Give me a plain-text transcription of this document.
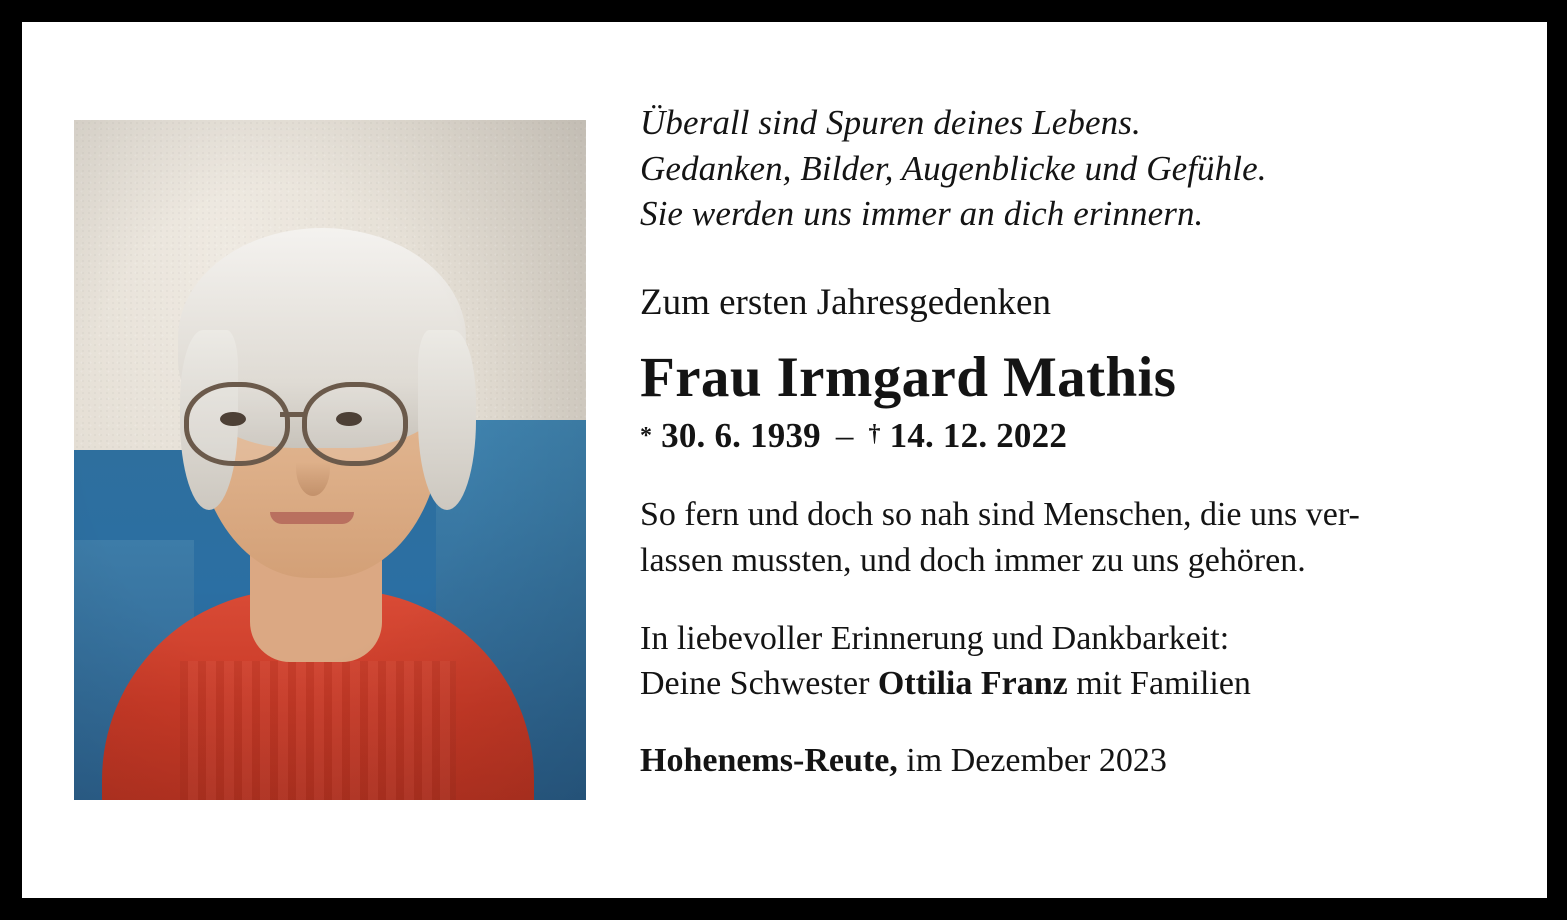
Überall sind Spuren deines Lebens.
Gedanken, Bilder, Augenblicke und Gefühle.
Sie werden uns immer an dich erinnern.
Zum ersten Jahresgedenken
Frau Irmgard Mathis
* 30. 6. 1939 – † 14. 12. 2022
So fern und doch so nah sind Menschen, die uns ver-
lassen mussten, und doch immer zu uns gehören.
In liebevoller Erinnerung und Dankbarkeit:
Deine Schwester Ottilia Franz mit Familien
Hohenems-Reute, im Dezember 2023
